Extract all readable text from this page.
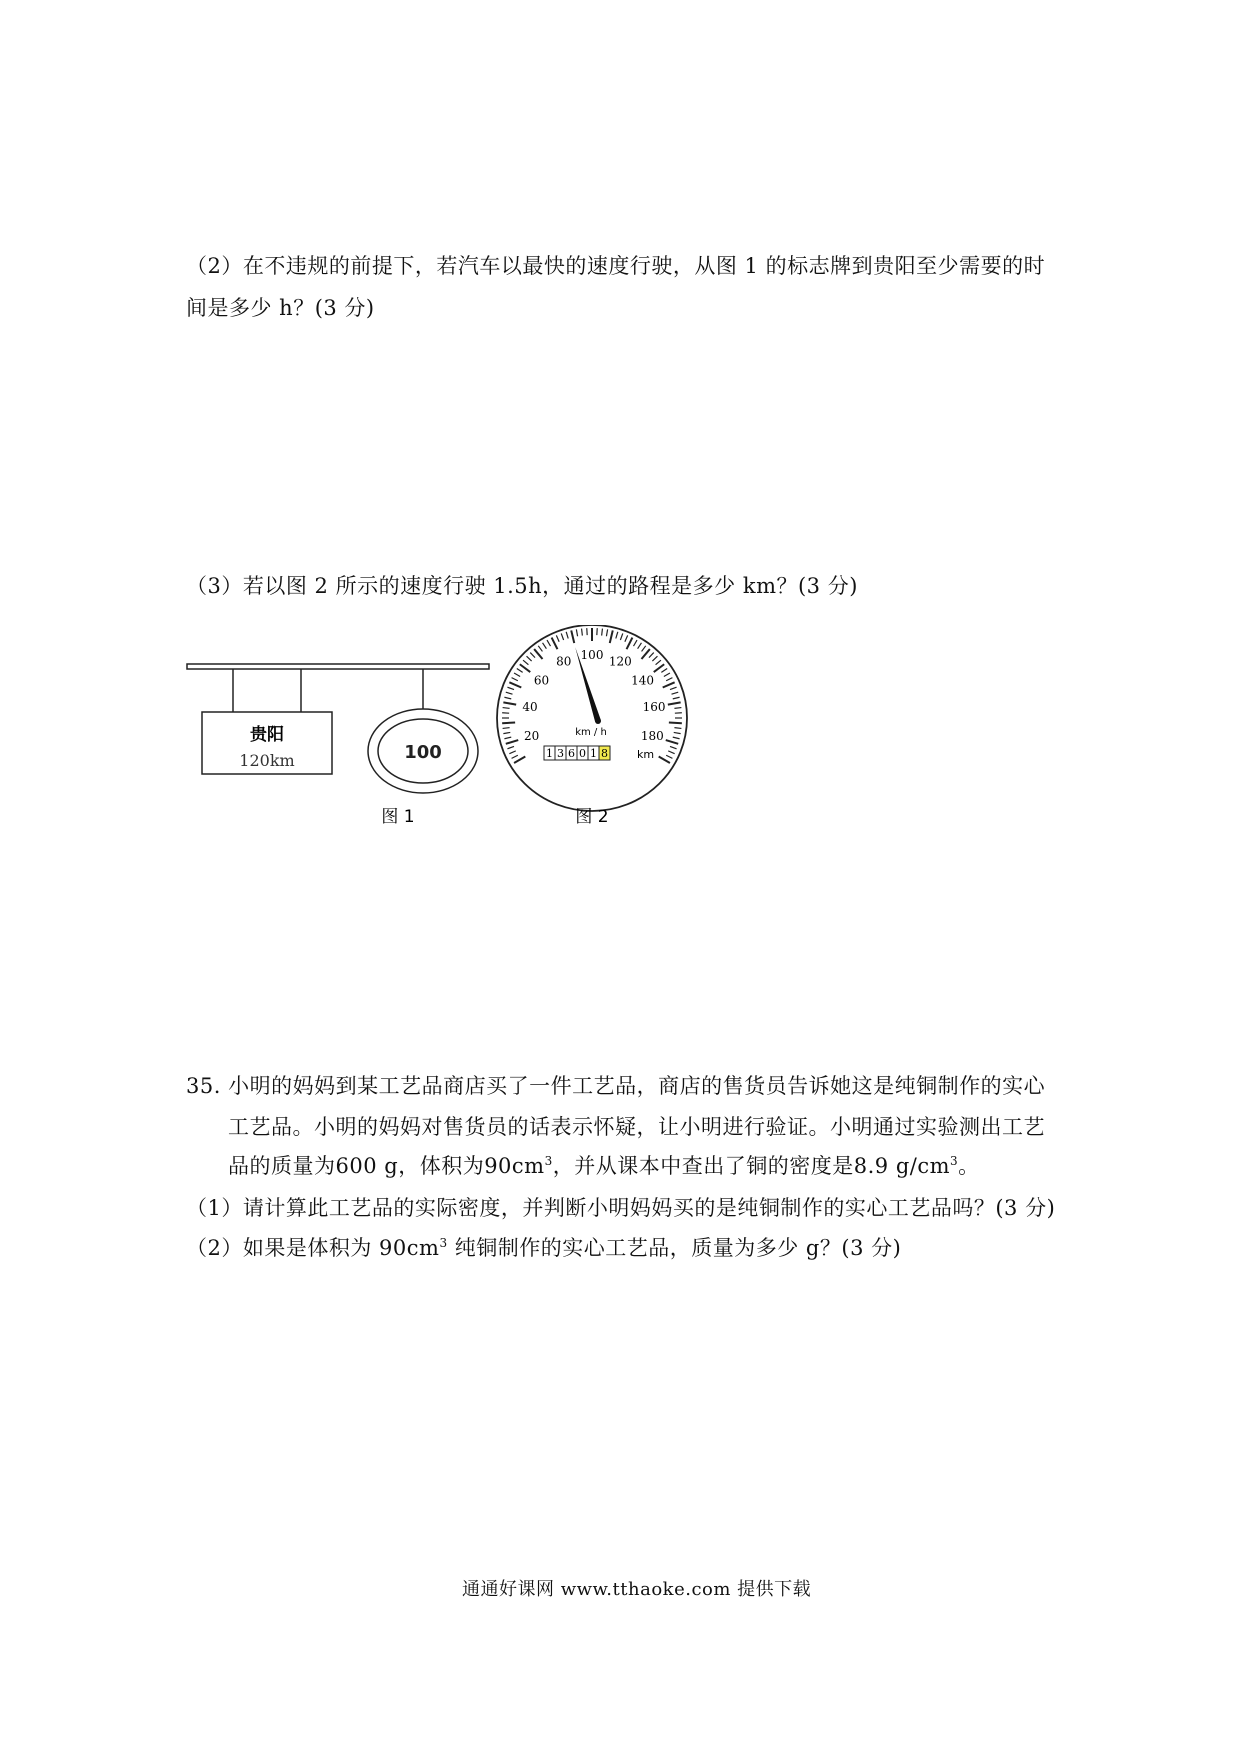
（2）在不违规的前提下，若汽车以最快的速度行驶，从图 1 的标志牌到贵阳至少需要的时
间是多少 h？(3 分)
（3）若以图 2 所示的速度行驶 1.5h，通过的路程是多少 km？(3 分)
贵阳
120km	100
图 1
20
40
60
80 100 120
140
160
180
km / h
1 3 6 0 1 8	km
图 2
35. 小明的妈妈到某工艺品商店买了一件工艺品，商店的售货员告诉她这是纯铜制作的实心
工艺品。小明的妈妈对售货员的话表示怀疑，让小明进行验证。小明通过实验测出工艺
品的质量为600 g，体积为$90cm^3$，并从课本中查出了铜的密度是8.9 $g/cm^3$。
（1）请计算此工艺品的实际密度，并判断小明妈妈买的是纯铜制作的实心工艺品吗？(3 分)
（2）如果是体积为 $90cm^3$ 纯铜制作的实心工艺品，质量为多少 g？(3 分)
通通好课网 www.tthaoke.com 提供下载
